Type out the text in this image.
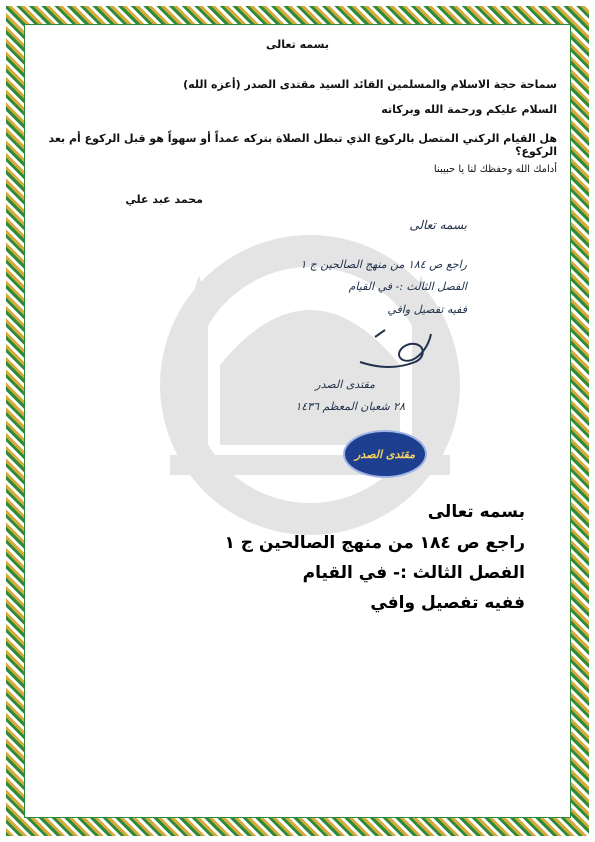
بسمه تعالى
سماحة حجة الاسلام والمسلمين القائد السيد مقتدى الصدر (أعزه الله)
السلام عليكم ورحمة الله وبركاته
هل القيام الركني المتصل بالركوع الذي تبطل الصلاة بتركه عمداً أو سهواً هو قبل الركوع أم بعد الركوع؟
أدامك الله وحفظك لنا يا حبيبنا
محمد عبد علي
بسمه تعالى
راجع ص ١٨٤ من منهج الصالحين ج ١
الفصل الثالث :- في القيام
ففيه تفصيل وافي
مقتدى الصدر
٢٨ شعبان المعظم ١٤٣٦
مقتدى الصدر
بسمه تعالى
راجع ص ١٨٤ من منهج الصالحين ج ١
الفصل الثالث :- في القيام
ففيه تفصيل وافي
